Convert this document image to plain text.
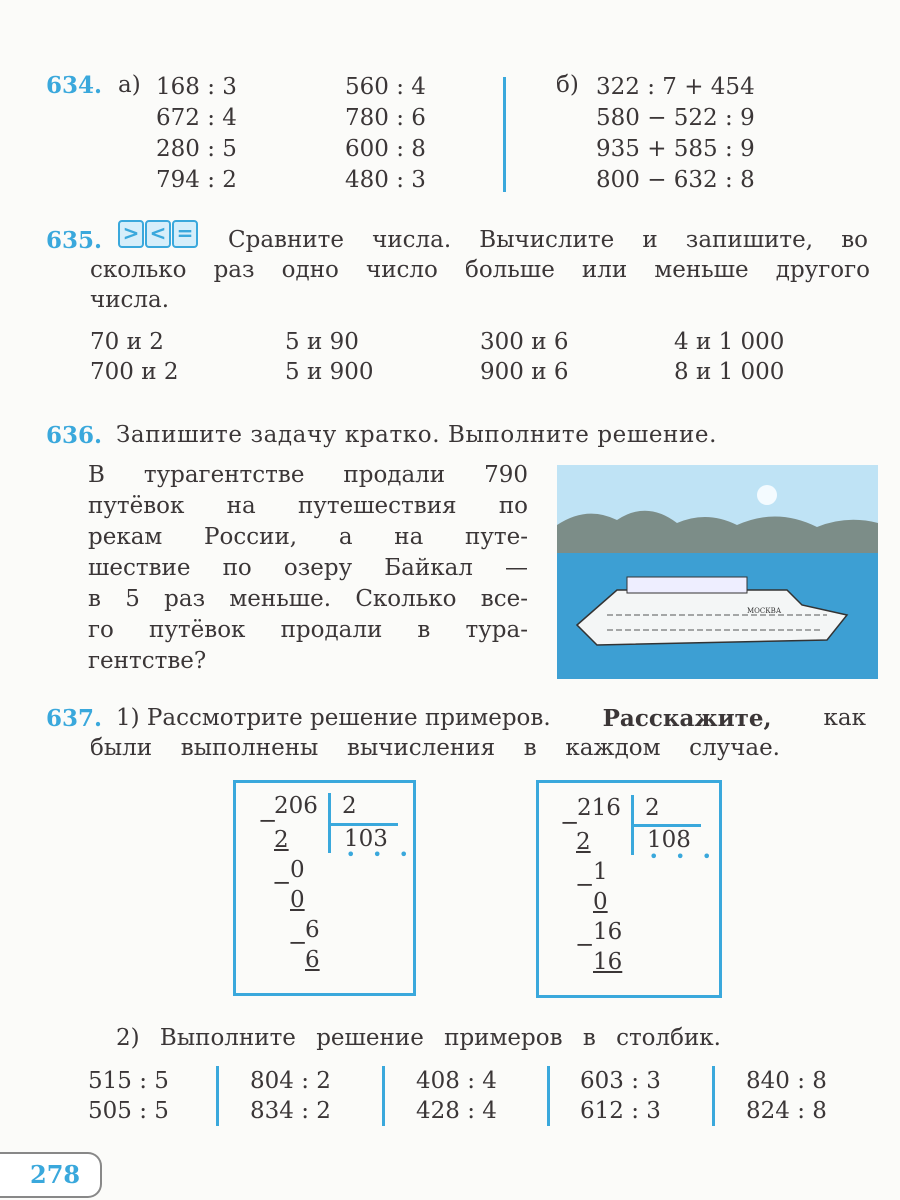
634. а) 168 : 3
672 : 4
280 : 5
794 : 2
560 : 4
780 : 6
600 : 8
480 : 3
б) 322 : 7 + 454
580 − 522 : 9
935 + 585 : 9
800 − 632 : 8
635. > < = Сравните числа. Вычислите и запишите, во
сколько раз одно число больше или меньше другого
числа.
70 и 2
700 и 2
5 и 90
5 и 900
300 и 6
900 и 6
4 и 1 000
8 и 1 000
636. Запишите задачу кратко. Выполните решение.
В турагентстве продали 790
путёвок на путешествия по
рекам России, а на путе-
шествие по озеру Байкал —
в 5 раз меньше. Сколько все-
го путёвок продали в тура-
гентстве?
МОСКВА
637. 1) Рассмотрите решение примеров. Расскажите, как
были выполнены вычисления в каждом случае.
206 2
103
• • •
−
2
0
−
0
6
−
6
216 2
108
• • •
−
2
1
−
0
16
−
16
2) Выполните решение примеров в столбик.
515 : 5
505 : 5
804 : 2
834 : 2
408 : 4
428 : 4
603 : 3
612 : 3
840 : 8
824 : 8
278
